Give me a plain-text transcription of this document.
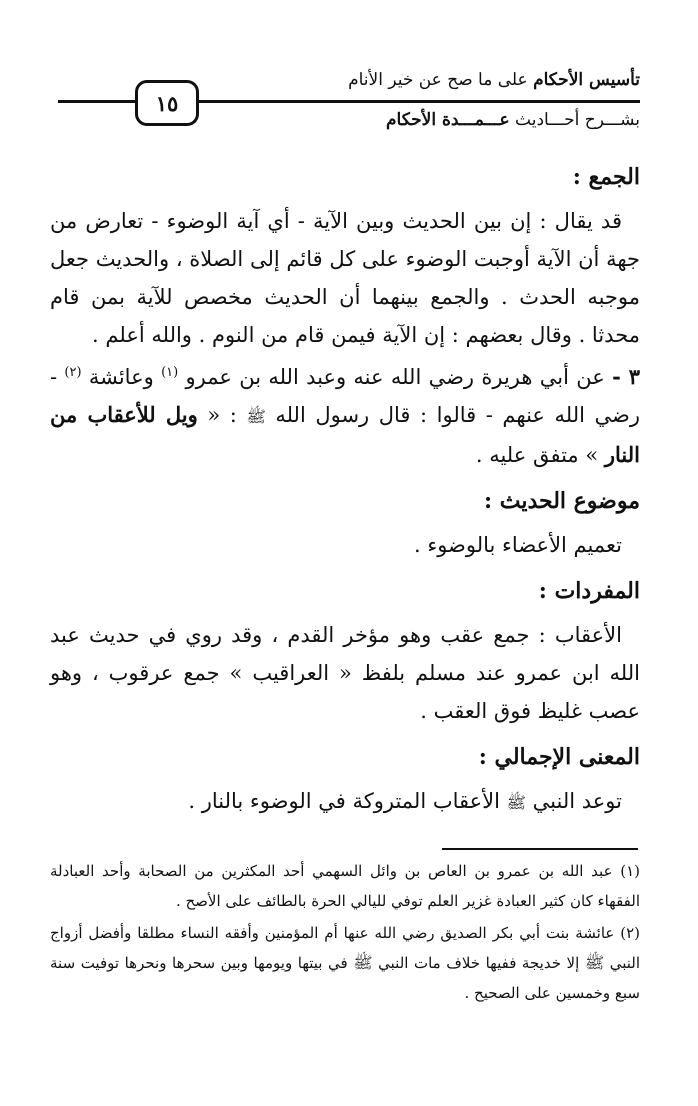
تأسيس الأحكام على ما صح عن خير الأنام
١٥
بشـــرح أحـــاديث عـــمـــدة الأحكام
الجمع :

قد يقال : إن بين الحديث وبين الآية - أي آية الوضوء - تعارض من جهة أن الآية أوجبت الوضوء على كل قائم إلى الصلاة ، والحديث جعل موجبه الحدث . والجمع بينهما أن الحديث مخصص للآية بمن قام محدثا . وقال بعضهم : إن الآية فيمن قام من النوم . والله أعلم .

٣ - عن أبي هريرة رضي الله عنه وعبد الله بن عمرو $^{(١)}$ وعائشة $^{(٢)}$ - رضي الله عنهم - قالوا : قال رسول الله ﷺ : « ويل للأعقاب من النار » متفق عليه .

موضوع الحديث :

تعميم الأعضاء بالوضوء .

المفردات :

الأعقاب : جمع عقب وهو مؤخر القدم ، وقد روي في حديث عبد الله ابن عمرو عند مسلم بلفظ « العراقيب » جمع عرقوب ، وهو عصب غليظ فوق العقب .

المعنى الإجمالي :

توعد النبي ﷺ الأعقاب المتروكة في الوضوء بالنار .

(١) عبد الله بن عمرو بن العاص بن وائل السهمي أحد المكثرين من الصحابة وأحد العبادلة الفقهاء كان كثير العبادة غزير العلم توفي لليالي الحرة بالطائف على الأصح .

(٢) عائشة بنت أبي بكر الصديق رضي الله عنها أم المؤمنين وأفقه النساء مطلقا وأفضل أزواج النبي ﷺ إلا خديجة ففيها خلاف مات النبي ﷺ في بيتها ويومها وبين سحرها ونحرها توفيت سنة سبع وخمسين على الصحيح .
